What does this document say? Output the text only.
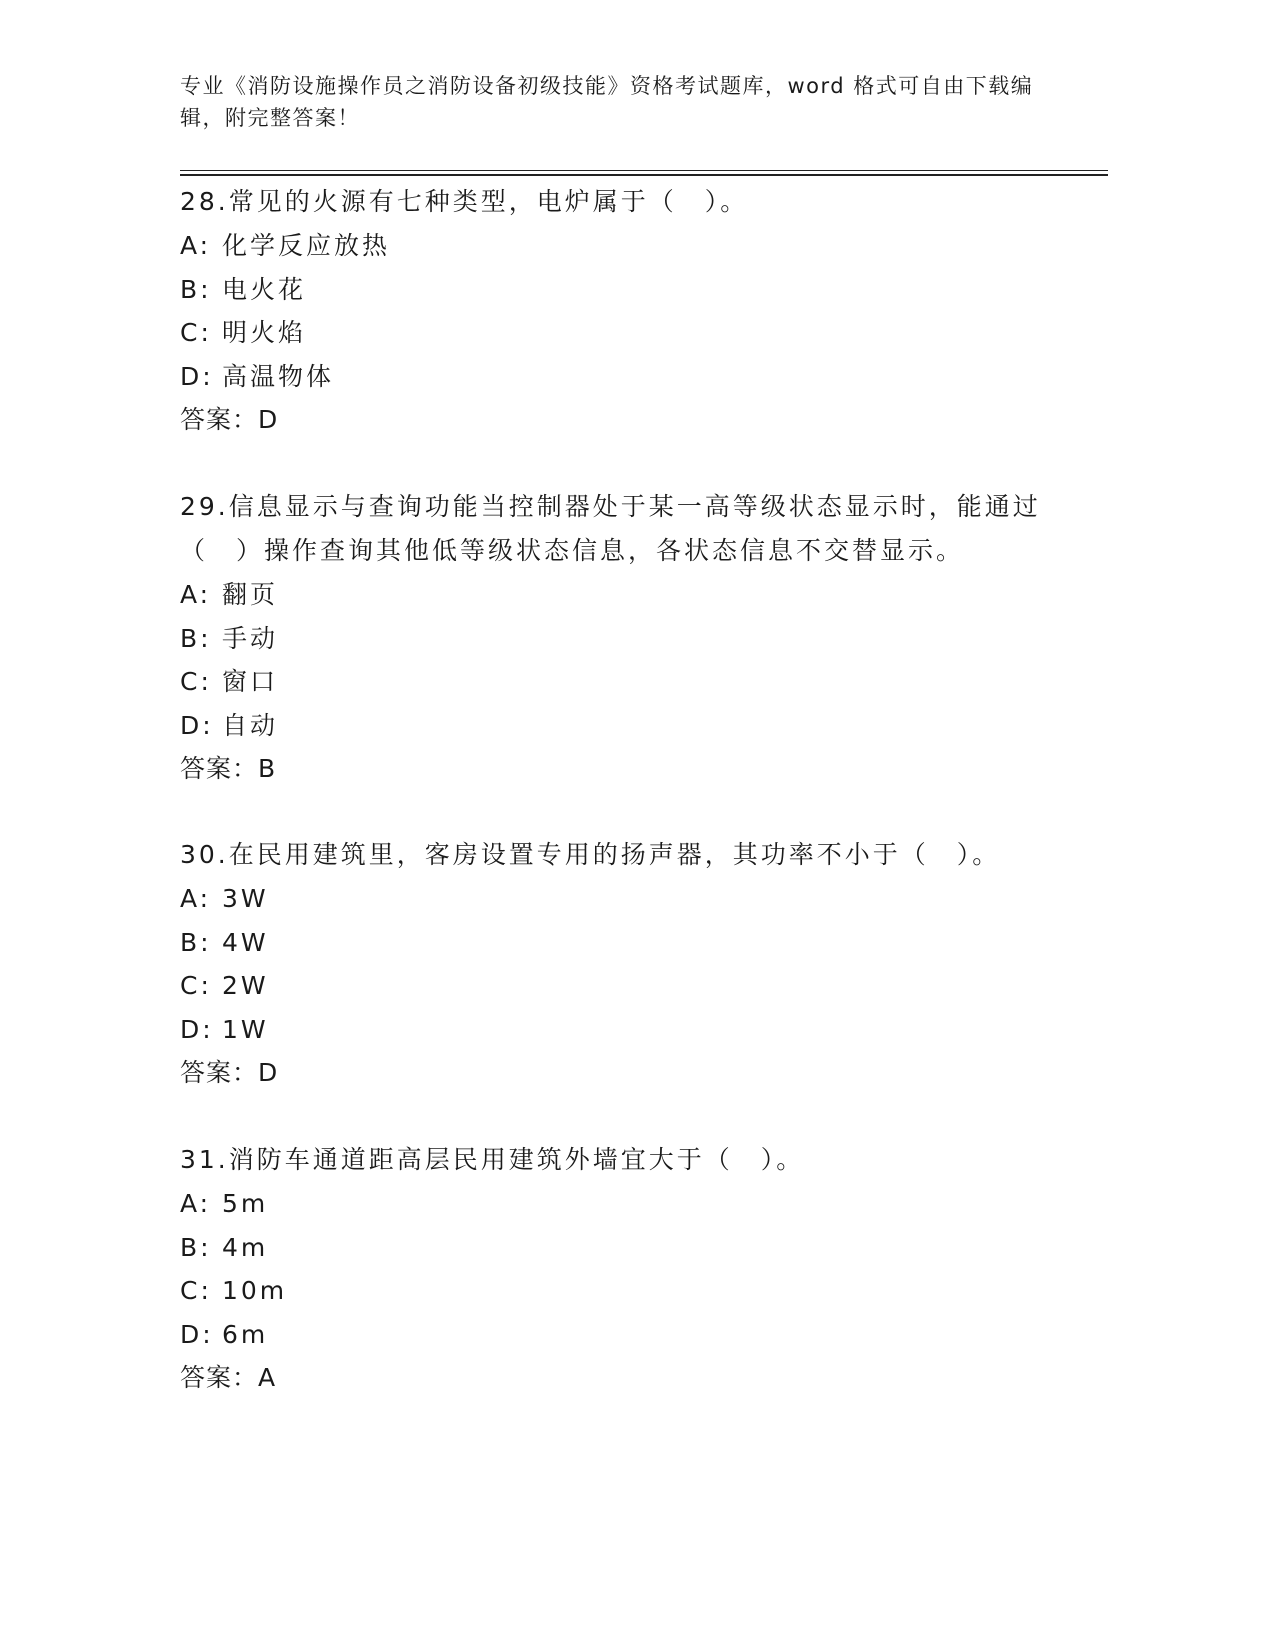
专业《消防设施操作员之消防设备初级技能》资格考试题库，word 格式可自由下载编辑，附完整答案！

28.常见的火源有七种类型，电炉属于（　）。

A: 化学反应放热

B: 电火花

C: 明火焰

D: 高温物体

答案：D

29.信息显示与查询功能当控制器处于某一高等级状态显示时，能通过（　）操作查询其他低等级状态信息，各状态信息不交替显示。

A: 翻页

B: 手动

C: 窗口

D: 自动

答案：B

30.在民用建筑里，客房设置专用的扬声器，其功率不小于（　）。

A: 3W

B: 4W

C: 2W

D: 1W

答案：D

31.消防车通道距高层民用建筑外墙宜大于（　）。

A: 5m

B: 4m

C: 10m

D: 6m

答案：A
